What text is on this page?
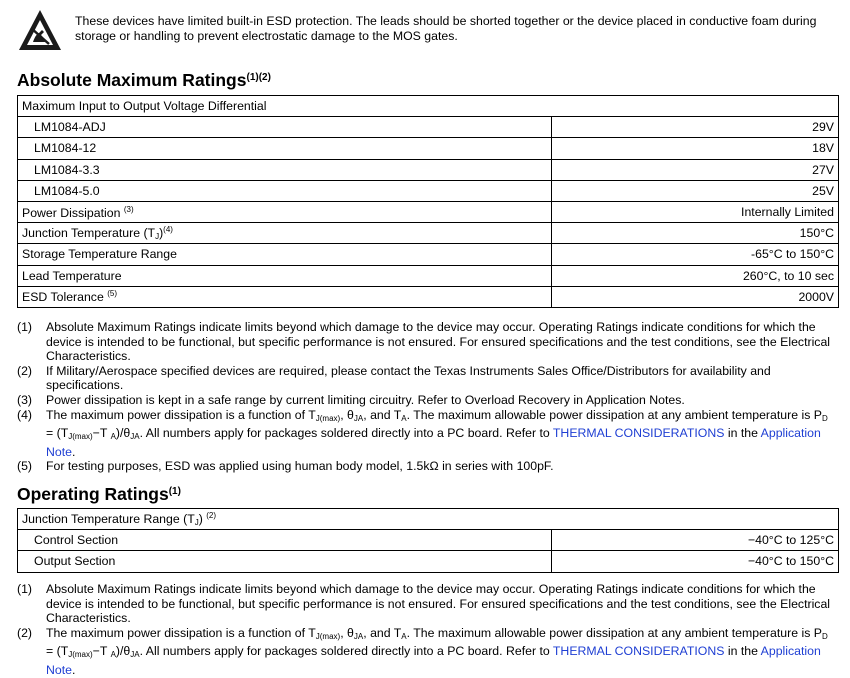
These devices have limited built-in ESD protection. The leads should be shorted together or the device placed in conductive foam during storage or handling to prevent electrostatic damage to the MOS gates.
Absolute Maximum Ratings$^{(1)(2)}$
Maximum Input to Output Voltage Differential	
LM1084-ADJ	29V
LM1084-12	18V
LM1084-3.3	27V
LM1084-5.0	25V
Power Dissipation $^{(3)}$	Internally Limited
Junction Temperature $(T_J)^{(4)}$	150°C
Storage Temperature Range	-65°C to 150°C
Lead Temperature	260°C, to 10 sec
ESD Tolerance $^{(5)}$	2000V
(1) Absolute Maximum Ratings indicate limits beyond which damage to the device may occur. Operating Ratings indicate conditions for which the device is intended to be functional, but specific performance is not ensured. For ensured specifications and the test conditions, see the Electrical Characteristics.
(2) If Military/Aerospace specified devices are required, please contact the Texas Instruments Sales Office/Distributors for availability and specifications.
(3) Power dissipation is kept in a safe range by current limiting circuitry. Refer to Overload Recovery in Application Notes.
(4) The maximum power dissipation is a function of $T_{J(max)}$, $\theta_{JA}$, and $T_A$. The maximum allowable power dissipation at any ambient temperature is $P_D = (T_{J(max)}-T$ $_A)/\theta_{JA}$. All numbers apply for packages soldered directly into a PC board. Refer to THERMAL CONSIDERATIONS in the Application Note.
(5) For testing purposes, ESD was applied using human body model, 1.5kΩ in series with 100pF.
Operating Ratings$^{(1)}$
Junction Temperature Range $(T_J)$ $^{(2)}$
Control Section	−40°C to 125°C
Output Section	−40°C to 150°C
(1) Absolute Maximum Ratings indicate limits beyond which damage to the device may occur. Operating Ratings indicate conditions for which the device is intended to be functional, but specific performance is not ensured. For ensured specifications and the test conditions, see the Electrical Characteristics.
(2) The maximum power dissipation is a function of $T_{J(max)}$, $\theta_{JA}$, and $T_A$. The maximum allowable power dissipation at any ambient temperature is $P_D = (T_{J(max)}-T$ $_A)/\theta_{JA}$. All numbers apply for packages soldered directly into a PC board. Refer to THERMAL CONSIDERATIONS in the Application Note.
